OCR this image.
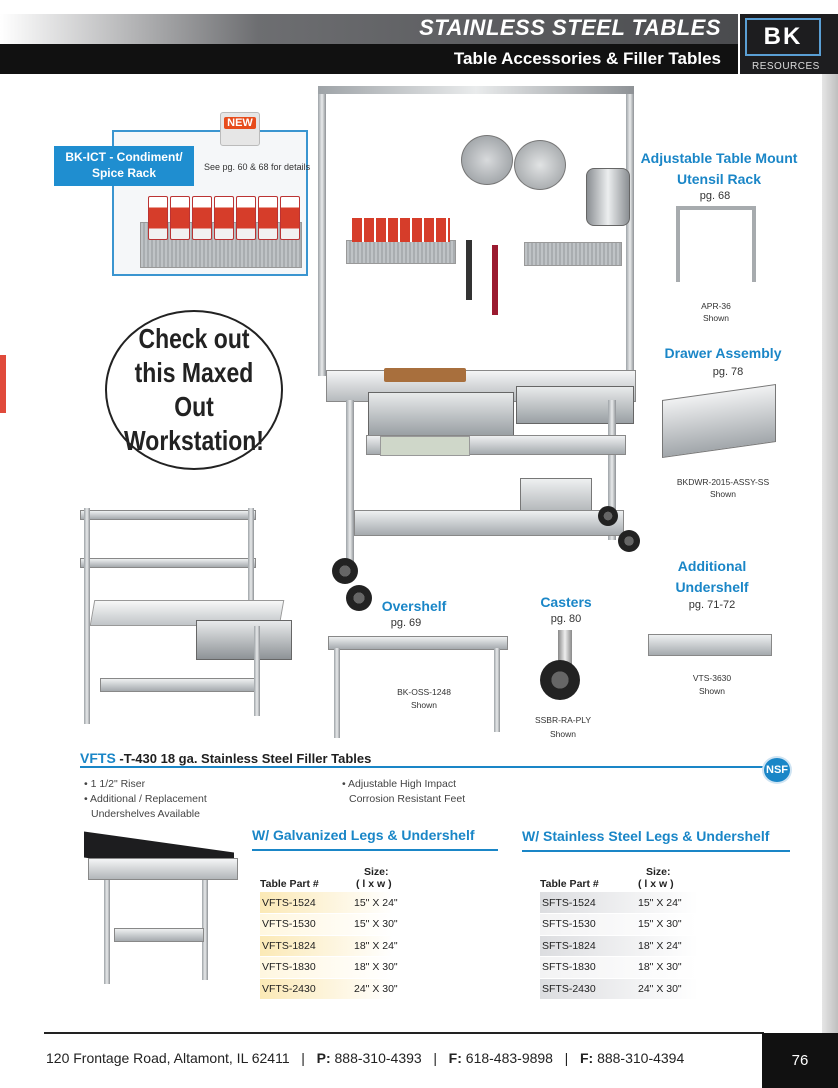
STAINLESS STEEL TABLES
Table Accessories & Filler Tables
BK
RESOURCES
BK-ICT - Condiment/ Spice Rack
NEW
See pg. 60 & 68 for details
Check out this Maxed Out Workstation!
Adjustable Table Mount Utensil Rack
pg. 68
APR-36
Shown
Drawer Assembly
pg. 78
BKDWR-2015-ASSY-SS
Shown
Additional Undershelf
pg. 71-72
VTS-3630
Shown
Overshelf
pg. 69
BK-OSS-1248
Shown
Casters
pg. 80
SSBR-RA-PLY
Shown
VFTS -T-430 18 ga. Stainless Steel Filler Tables
NSF
• 1 1/2" Riser
• Additional / Replacement
Undershelves Available
• Adjustable High Impact
Corrosion Resistant Feet
W/ Galvanized Legs & Undershelf
Table Part #	Size:
( l x w )

VFTS-1524	15" X 24"
VFTS-1530	15" X 30"
VFTS-1824	18" X 24"
VFTS-1830	18" X 30"
VFTS-2430	24" X 30"
W/ Stainless Steel Legs & Undershelf
Table Part #	Size:
( l x w )

SFTS-1524	15" X 24"
SFTS-1530	15" X 30"
SFTS-1824	18" X 24"
SFTS-1830	18" X 30"
SFTS-2430	24" X 30"
120 Frontage Road, Altamont, IL 62411 | P: 888-310-4393 | F: 618-483-9898 | F: 888-310-4394	76
